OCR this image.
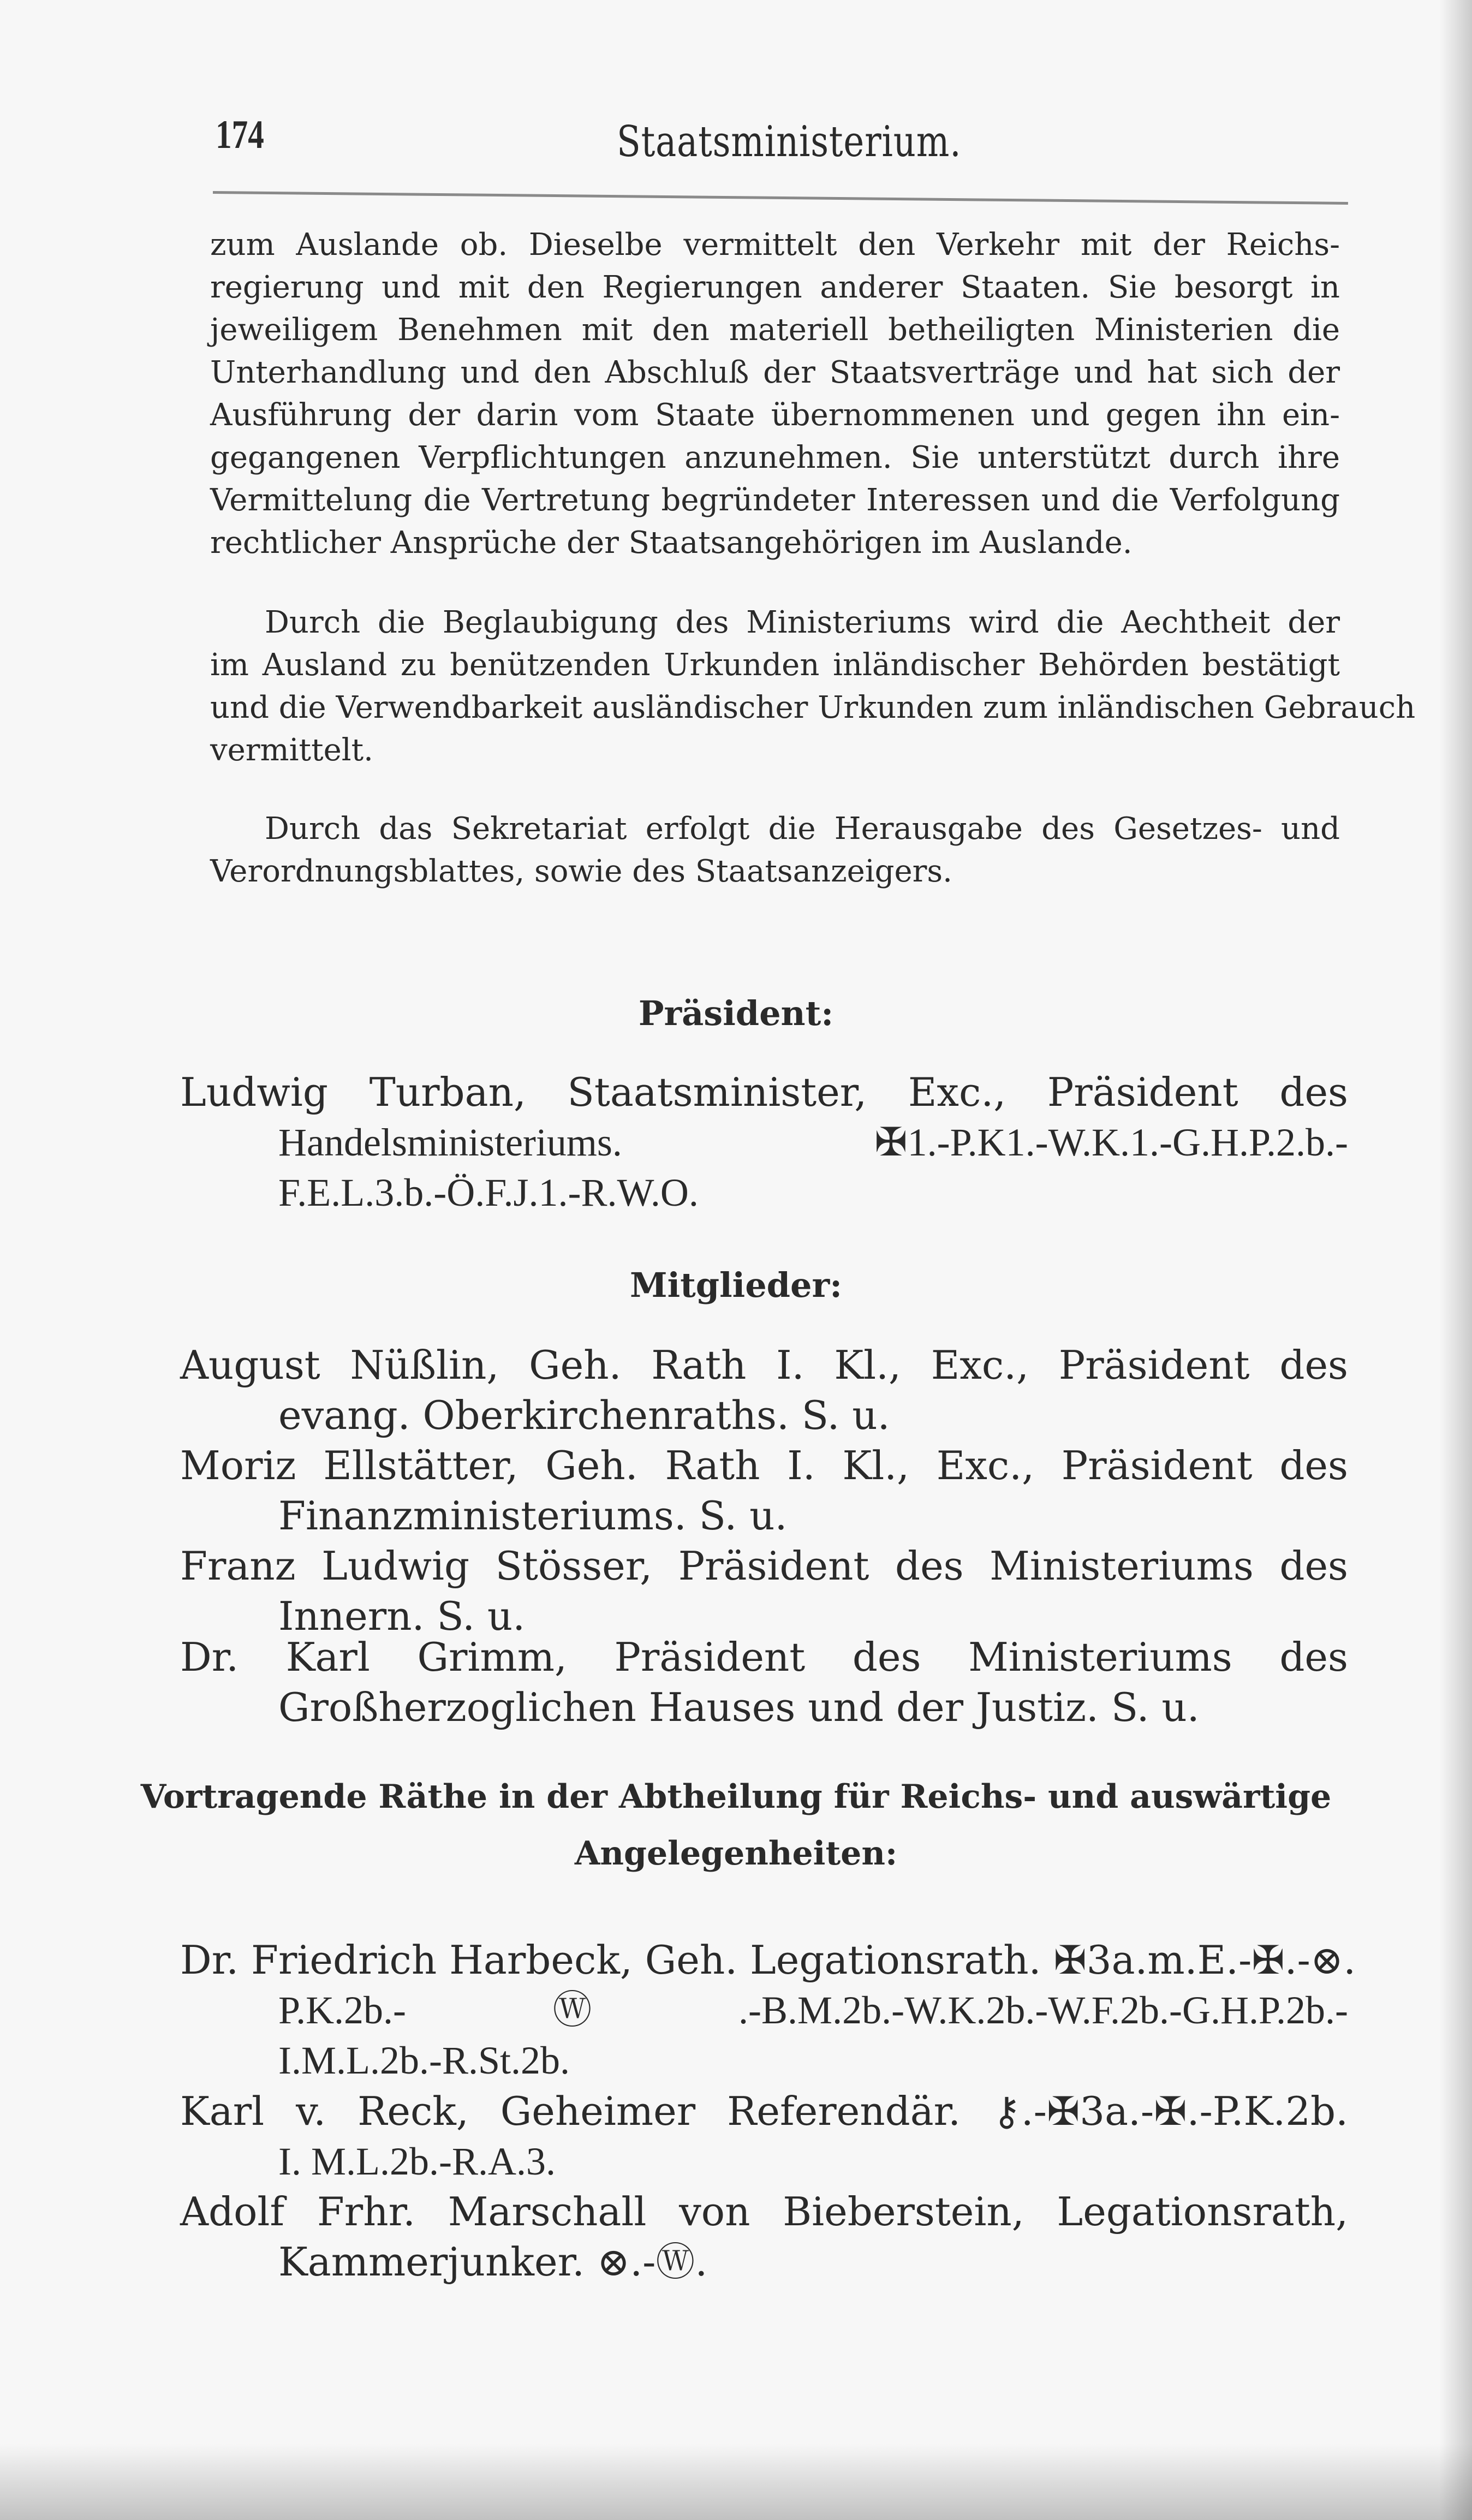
174	Staatsministerium.
zum Auslande ob. Dieselbe vermittelt den Verkehr mit der Reichs-
regierung und mit den Regierungen anderer Staaten. Sie besorgt in
jeweiligem Benehmen mit den materiell betheiligten Ministerien die
Unterhandlung und den Abschluß der Staatsverträge und hat sich der
Ausführung der darin vom Staate übernommenen und gegen ihn ein-
gegangenen Verpflichtungen anzunehmen. Sie unterstützt durch ihre
Vermittelung die Vertretung begründeter Interessen und die Verfolgung
rechtlicher Ansprüche der Staatsangehörigen im Auslande.
Durch die Beglaubigung des Ministeriums wird die Aechtheit der
im Ausland zu benützenden Urkunden inländischer Behörden bestätigt
und die Verwendbarkeit ausländischer Urkunden zum inländischen Gebrauch
vermittelt.
Durch das Sekretariat erfolgt die Herausgabe des Gesetzes- und
Verordnungsblattes, sowie des Staatsanzeigers.
Präsident:
Ludwig Turban, Staatsminister, Exc., Präsident des
Handelsministeriums. ✠1.-P.K1.-W.K.1.-G.H.P.2.b.-
F.E.L.3.b.-Ö.F.J.1.-R.W.O.
Mitglieder:
August Nüßlin, Geh. Rath I. Kl., Exc., Präsident des
evang. Oberkirchenraths. S. u.
Moriz Ellstätter, Geh. Rath I. Kl., Exc., Präsident des
Finanzministeriums. S. u.
Franz Ludwig Stösser, Präsident des Ministeriums des
Innern. S. u.
Dr. Karl Grimm, Präsident des Ministeriums des
Großherzoglichen Hauses und der Justiz. S. u.
Vortragende Räthe in der Abtheilung für Reichs- und auswärtige
Angelegenheiten:
Dr. Friedrich Harbeck, Geh. Legationsrath. ✠3a.m.E.-✠.-⊗.
P.K.2b.-Ⓦ.-B.M.2b.-W.K.2b.-W.F.2b.-G.H.P.2b.-
I.M.L.2b.-R.St.2b.
Karl v. Reck, Geheimer Referendär. ⚷.-✠3a.-✠.-P.K.2b.
I. M.L.2b.-R.A.3.
Adolf Frhr. Marschall von Bieberstein, Legationsrath,
Kammerjunker. ⊗.-Ⓦ.
